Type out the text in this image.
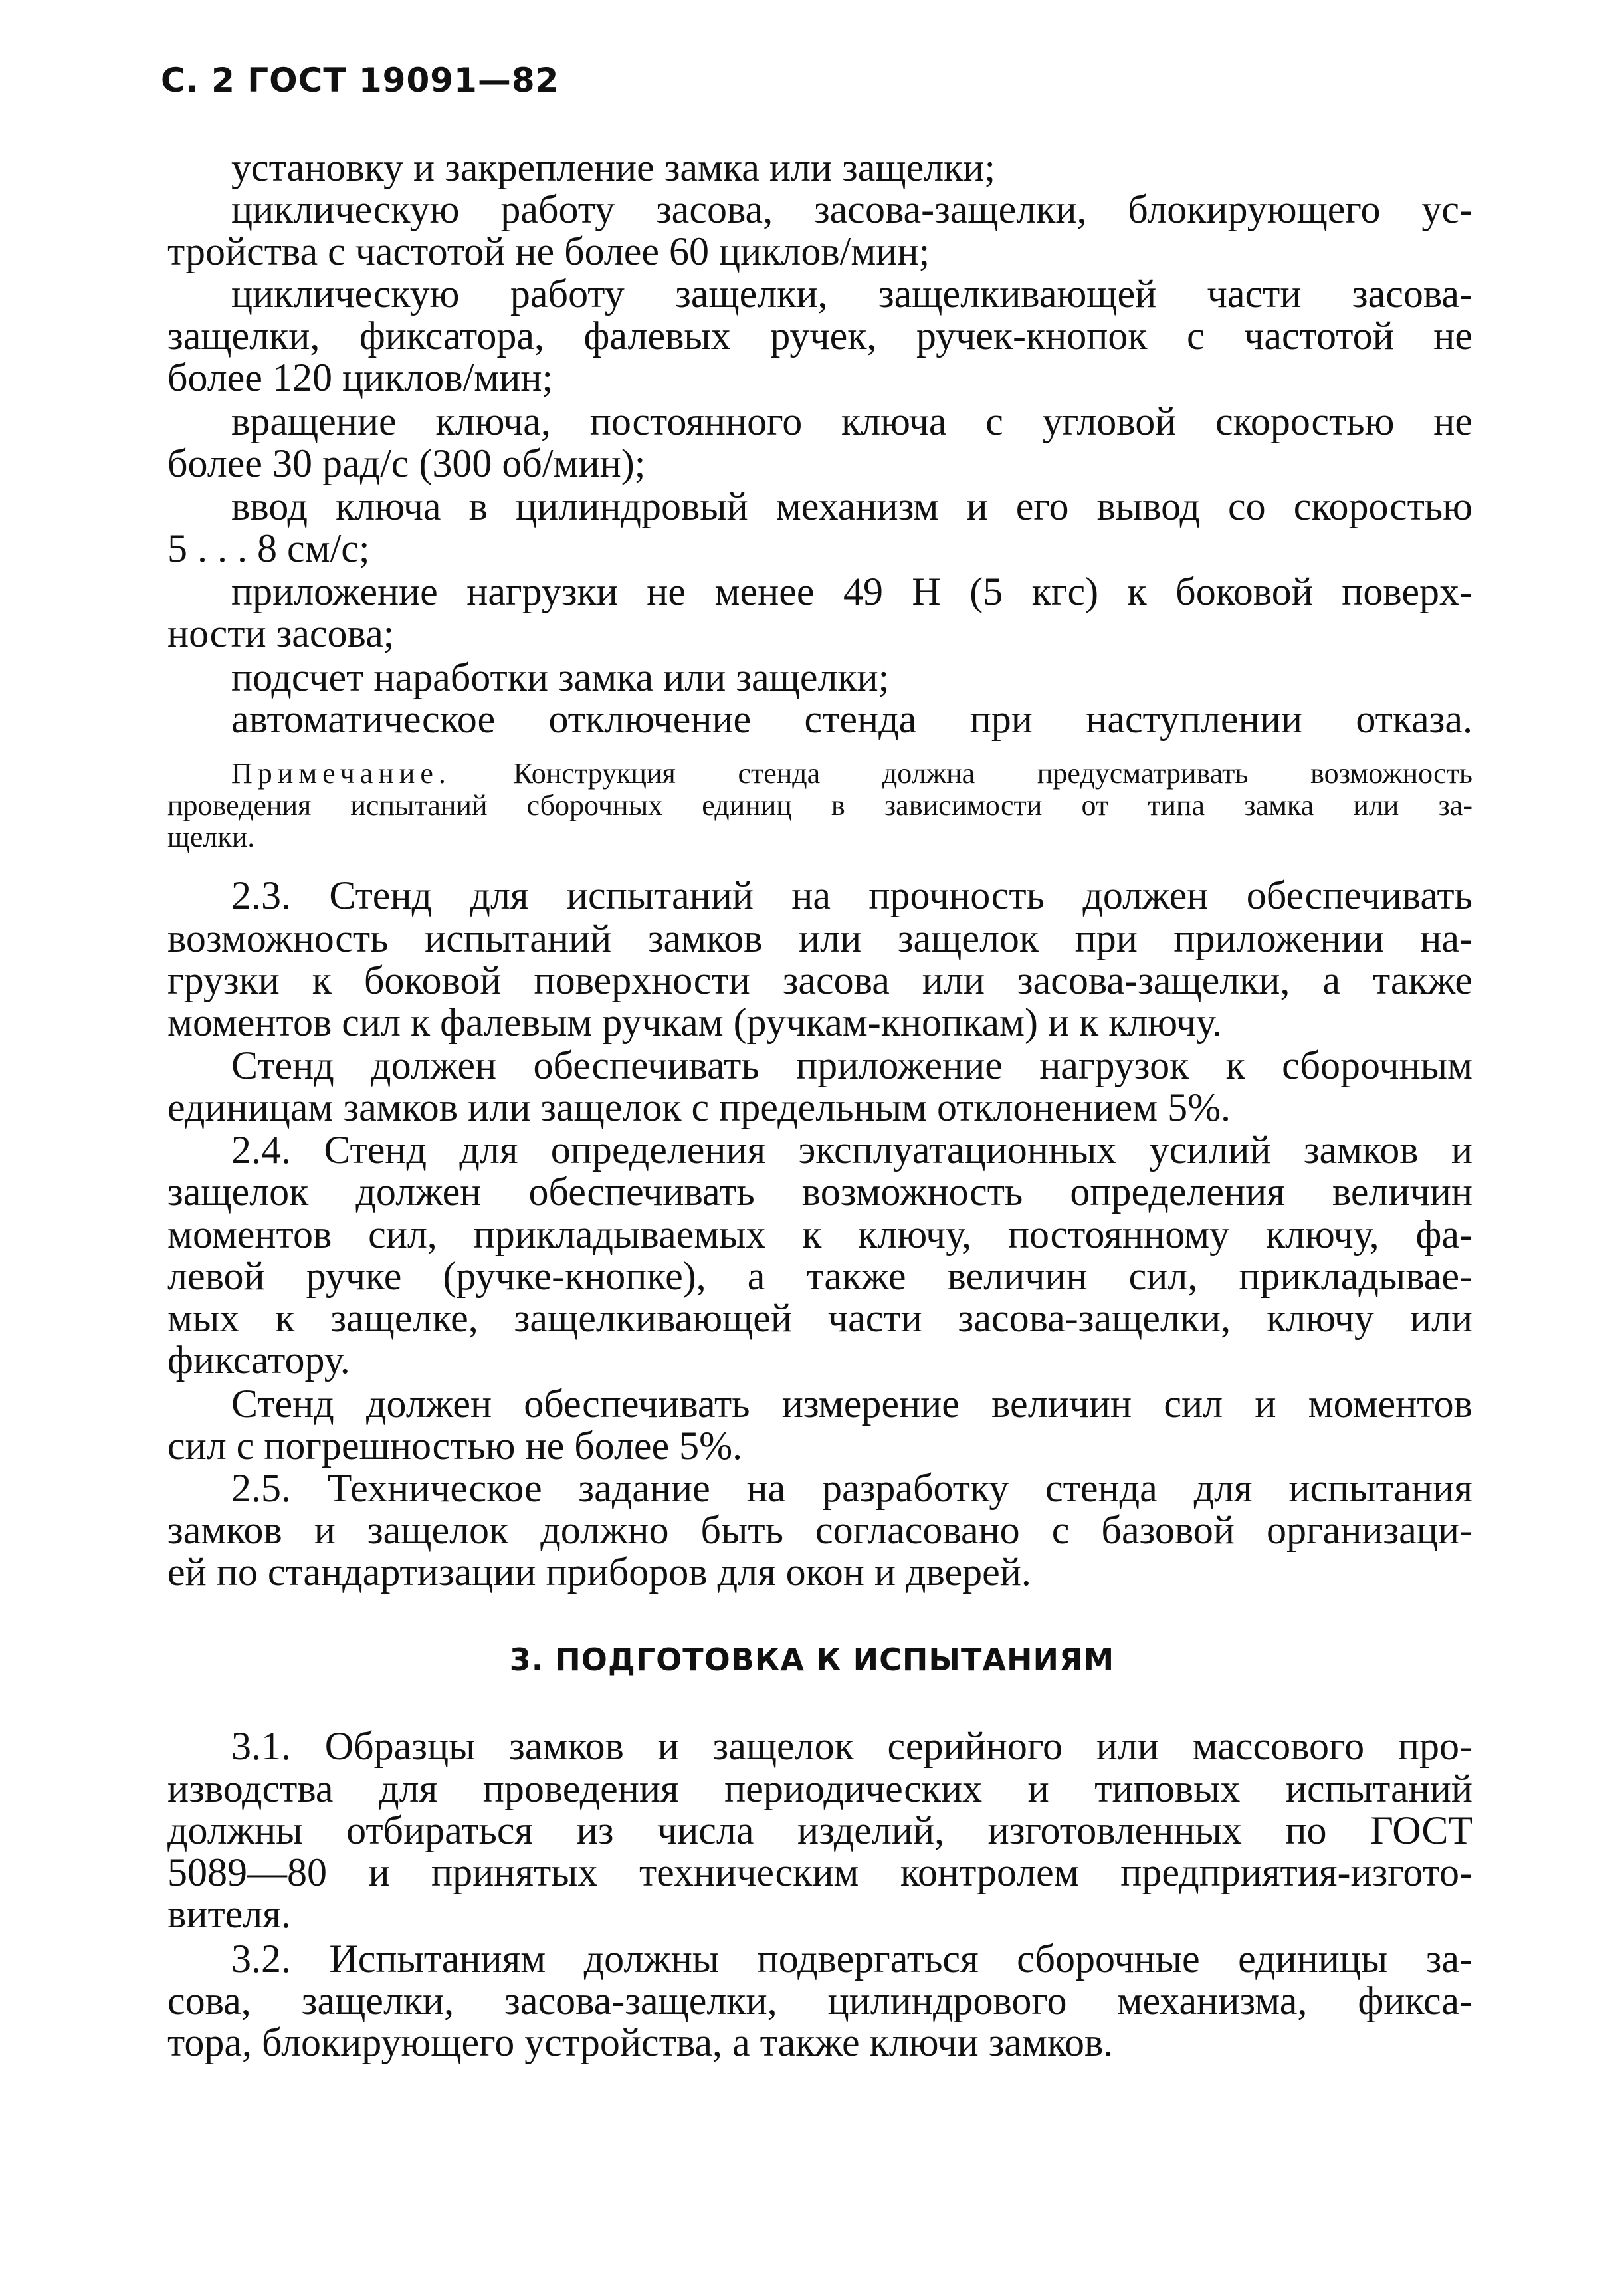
С. 2 ГОСТ 19091—82
установку и закрепление замка или защелки;
циклическую работу засова, засова-защелки, блокирующего ус-
тройства с частотой не более 60 циклов/мин;
циклическую работу защелки, защелкивающей части засова-
защелки, фиксатора, фалевых ручек, ручек-кнопок с частотой не
более 120 циклов/мин;
вращение ключа, постоянного ключа с угловой скоростью не
более 30 рад/с (300 об/мин);
ввод ключа в цилиндровый механизм и его вывод со скоростью
5 . . . 8 см/с;
приложение нагрузки не менее 49 Н (5 кгс) к боковой поверх-
ности засова;
подсчет наработки замка или защелки;
автоматическое отключение стенда при наступлении отказа.
Примечание. Конструкция стенда должна предусматривать возможность
проведения испытаний сборочных единиц в зависимости от типа замка или за-
щелки.
2.3. Стенд для испытаний на прочность должен обеспечивать
возможность испытаний замков или защелок при приложении на-
грузки к боковой поверхности засова или засова-защелки, а также
моментов сил к фалевым ручкам (ручкам-кнопкам) и к ключу.
Стенд должен обеспечивать приложение нагрузок к сборочным
единицам замков или защелок с предельным отклонением 5%.
2.4. Стенд для определения эксплуатационных усилий замков и
защелок должен обеспечивать возможность определения величин
моментов сил, прикладываемых к ключу, постоянному ключу, фа-
левой ручке (ручке-кнопке), а также величин сил, прикладывае-
мых к защелке, защелкивающей части засова-защелки, ключу или
фиксатору.
Стенд должен обеспечивать измерение величин сил и моментов
сил с погрешностью не более 5%.
2.5. Техническое задание на разработку стенда для испытания
замков и защелок должно быть согласовано с базовой организаци-
ей по стандартизации приборов для окон и дверей.
3. ПОДГОТОВКА К ИСПЫТАНИЯМ
3.1. Образцы замков и защелок серийного или массового про-
изводства для проведения периодических и типовых испытаний
должны отбираться из числа изделий, изготовленных по ГОСТ
5089—80 и принятых техническим контролем предприятия-изгото-
вителя.
3.2. Испытаниям должны подвергаться сборочные единицы за-
сова, защелки, засова-защелки, цилиндрового механизма, фикса-
тора, блокирующего устройства, а также ключи замков.
